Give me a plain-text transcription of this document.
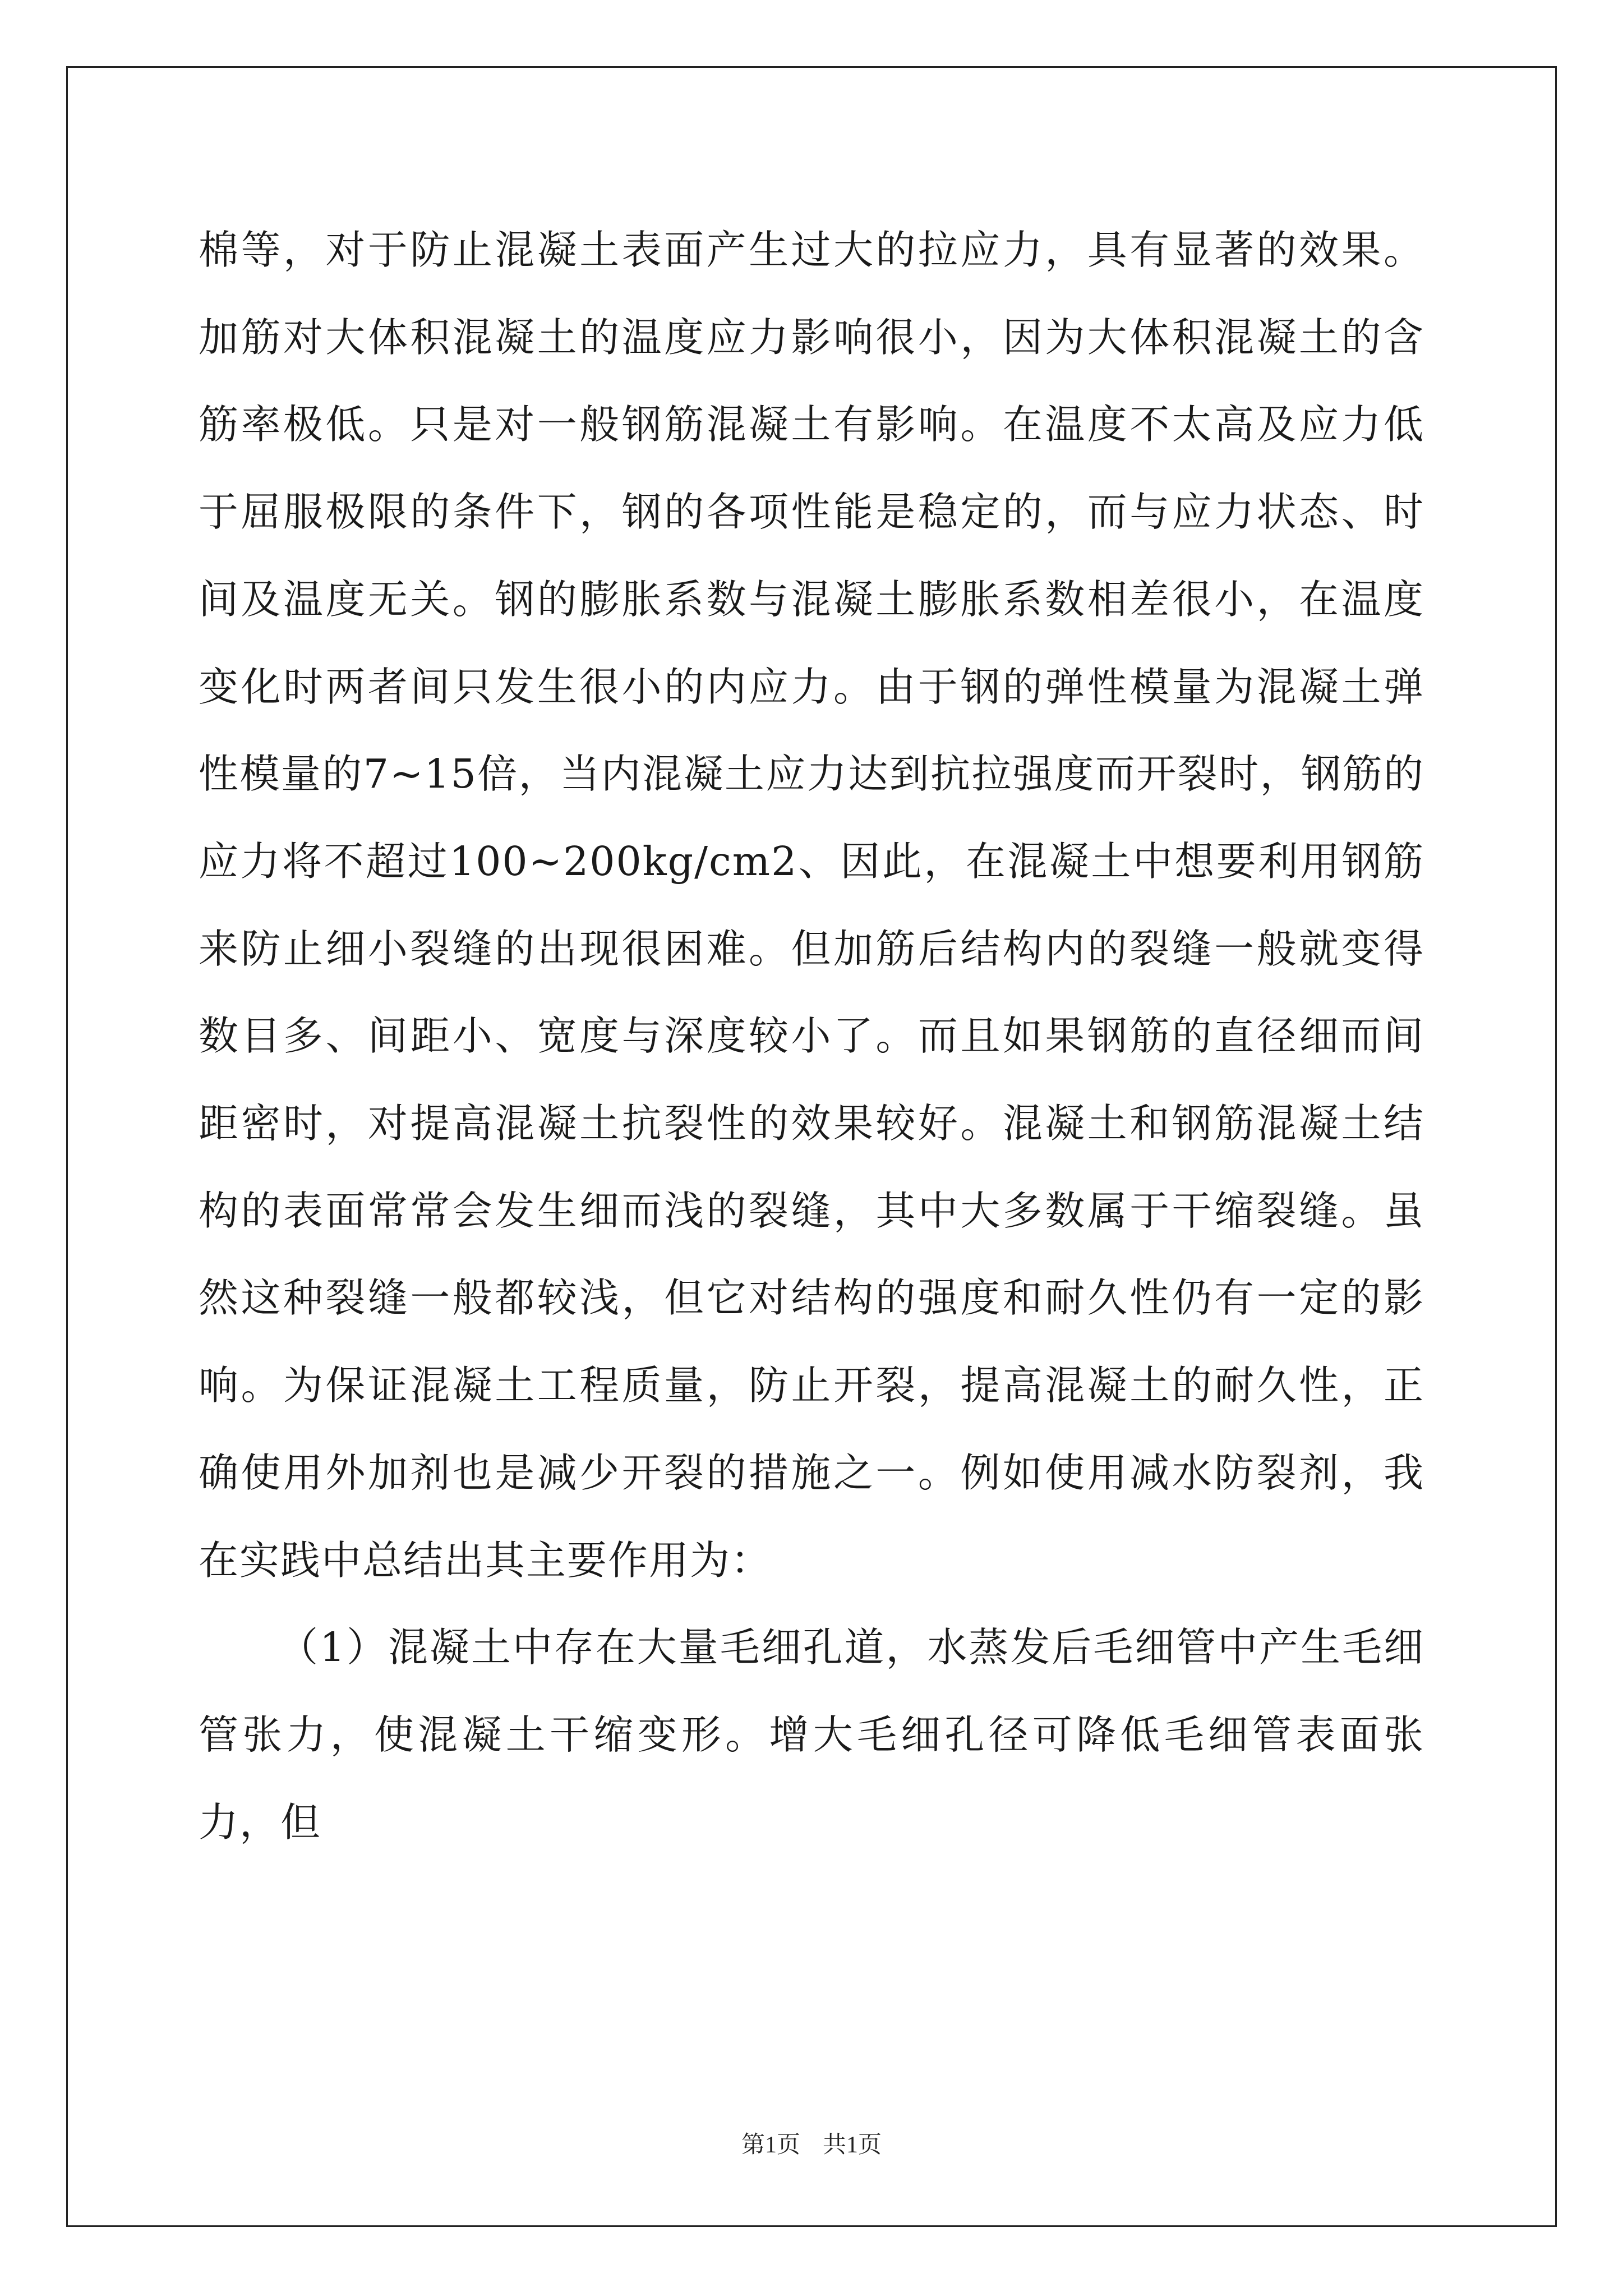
棉等，对于防止混凝土表面产生过大的拉应力，具有显著的效果。加筋对大体积混凝土的温度应力影响很小，因为大体积混凝土的含筋率极低。只是对一般钢筋混凝土有影响。在温度不太高及应力低于屈服极限的条件下，钢的各项性能是稳定的，而与应力状态、时间及温度无关。钢的膨胀系数与混凝土膨胀系数相差很小，在温度变化时两者间只发生很小的内应力。由于钢的弹性模量为混凝土弹性模量的7~15倍，当内混凝土应力达到抗拉强度而开裂时，钢筋的应力将不超过100~200kg/cm2、因此，在混凝土中想要利用钢筋来防止细小裂缝的出现很困难。但加筋后结构内的裂缝一般就变得数目多、间距小、宽度与深度较小了。而且如果钢筋的直径细而间距密时，对提高混凝土抗裂性的效果较好。混凝土和钢筋混凝土结构的表面常常会发生细而浅的裂缝，其中大多数属于干缩裂缝。虽然这种裂缝一般都较浅，但它对结构的强度和耐久性仍有一定的影响。为保证混凝土工程质量，防止开裂，提高混凝土的耐久性，正确使用外加剂也是减少开裂的措施之一。例如使用减水防裂剂，我在实践中总结出其主要作用为：

（1）混凝土中存在大量毛细孔道，水蒸发后毛细管中产生毛细管张力，使混凝土干缩变形。增大毛细孔径可降低毛细管表面张力，但

第1页 共1页
